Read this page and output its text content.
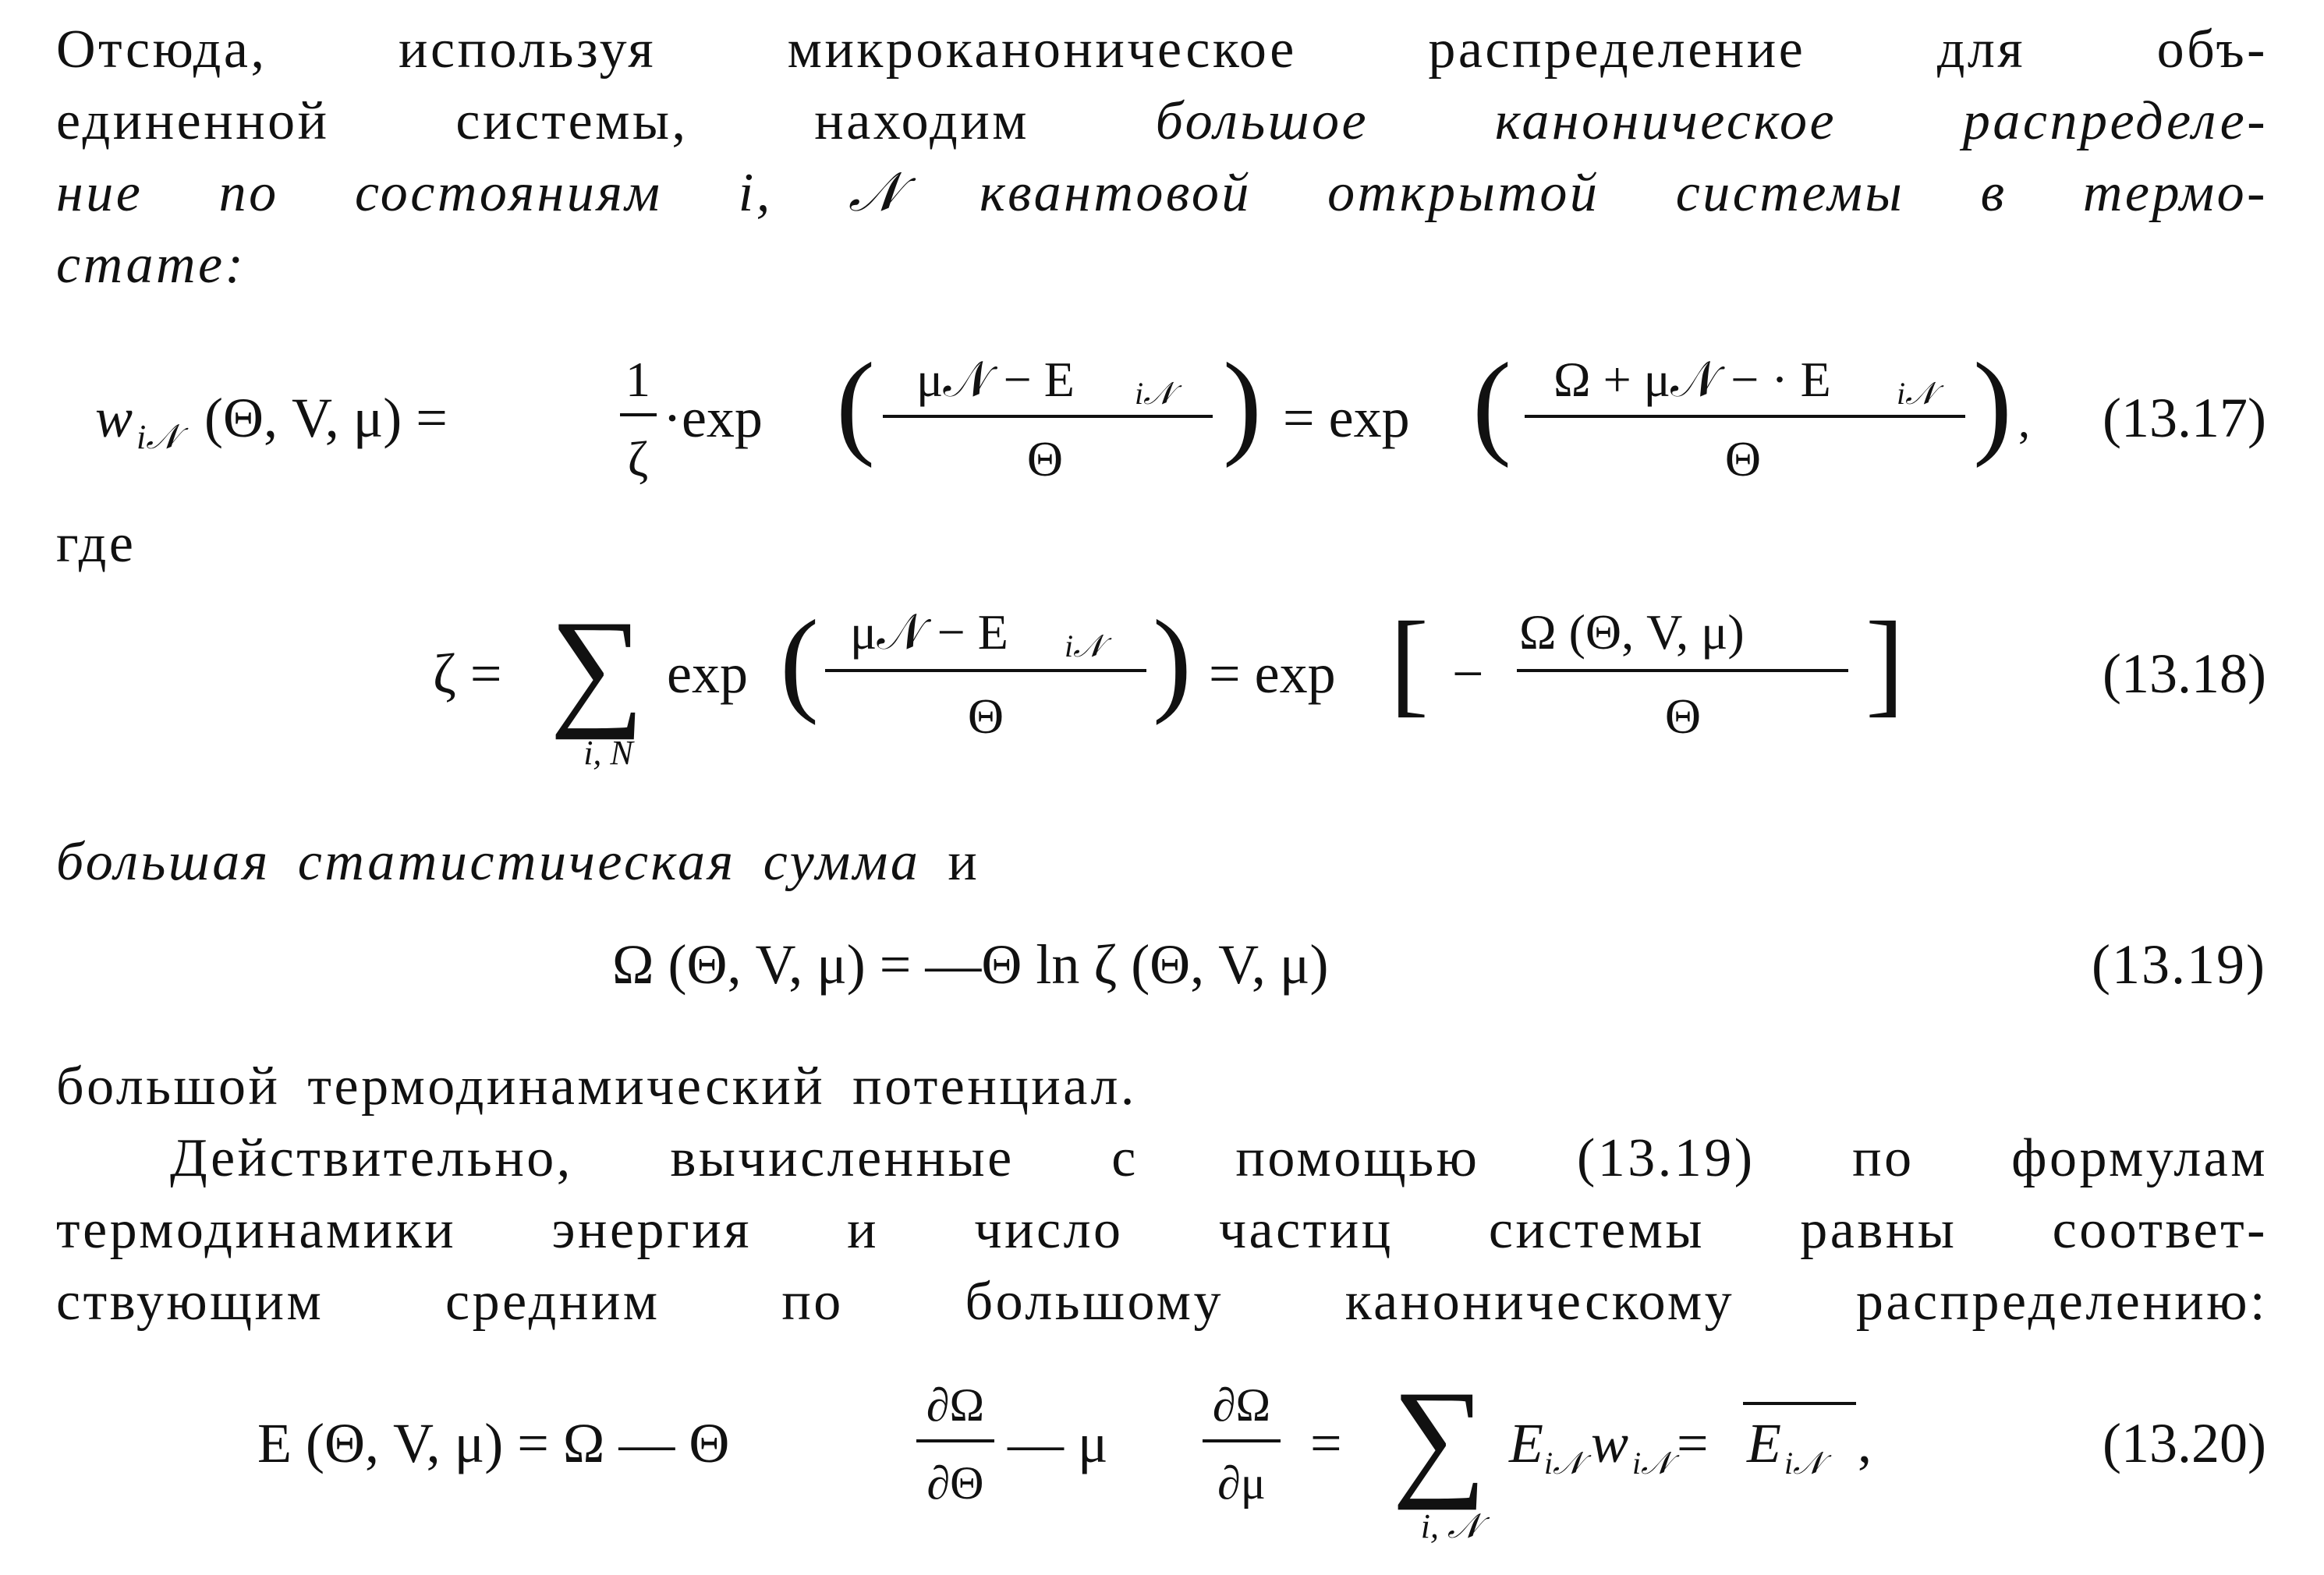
Отсюда, используя микроканоническое распределение для объ-
единенной системы, находим большое каноническое распределе-
ние по состояниям i, 𝒩 квантовой открытой системы в термо-
стате:
w i𝒩 (Θ, V, μ) =
1
ζ
·exp ( μ𝒩 − E i𝒩
Θ ) = exp ( Ω + μ𝒩 − · E i𝒩
Θ ) , (13.17)
где
ζ = ∑
i, N
exp ( μ𝒩 − E i𝒩
Θ ) = exp [ −
Ω (Θ, V, μ)
Θ ]	(13.18)
большая статистическая сумма и
Ω (Θ, V, μ) = —Θ ln ζ (Θ, V, μ)	(13.19)
большой термодинамический потенциал.
Действительно, вычисленные с помощью (13.19) по формулам
термодинамики энергия и число частиц системы равны соответ-
ствующим средним по большому каноническому распределению:
E (Θ, V, μ) = Ω — Θ
∂Ω
∂Θ
— μ
∂Ω
∂μ
= ∑
i, 𝒩
E i𝒩 w i𝒩 = E i𝒩 ,	(13.20)
